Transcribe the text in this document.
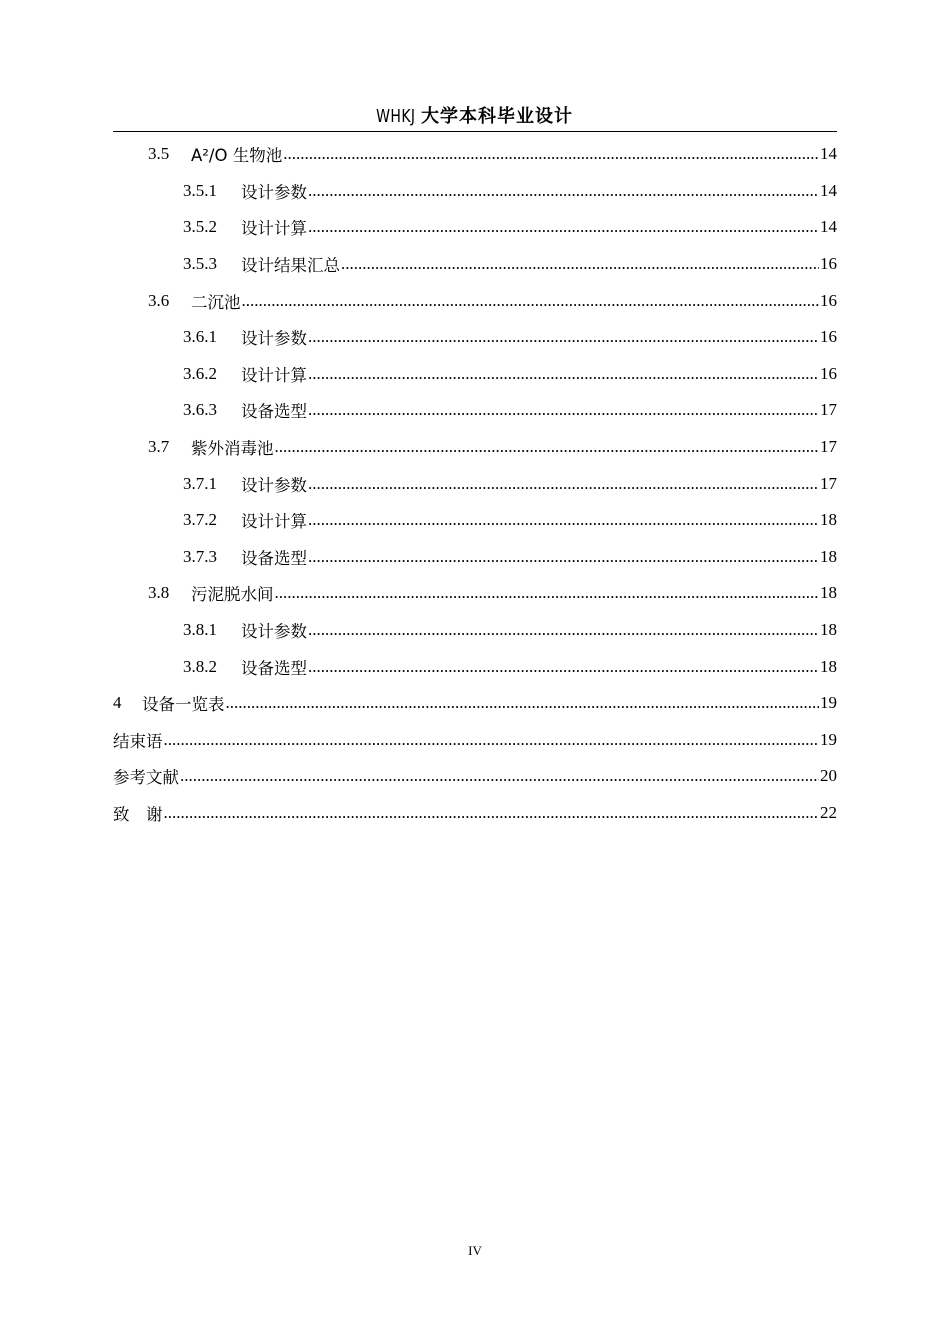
WHKJ 大学本科毕业设计
3.5	A²/O 生物池 .....	14
3.5.1	设计参数 .....	14
3.5.2	设计计算 .....	14
3.5.3	设计结果汇总 .....	16
3.6	二沉池 .....	16
3.6.1	设计参数 .....	16
3.6.2	设计计算 .....	16
3.6.3	设备选型 .....	17
3.7	紫外消毒池 .....	17
3.7.1	设计参数 .....	17
3.7.2	设计计算 .....	18
3.7.3	设备选型 .....	18
3.8	污泥脱水间 .....	18
3.8.1	设计参数 .....	18
3.8.2	设备选型 .....	18
4	设备一览表 .....	19
结束语 .....	19
参考文献 .....	20
致　谢 .....	22
IV
